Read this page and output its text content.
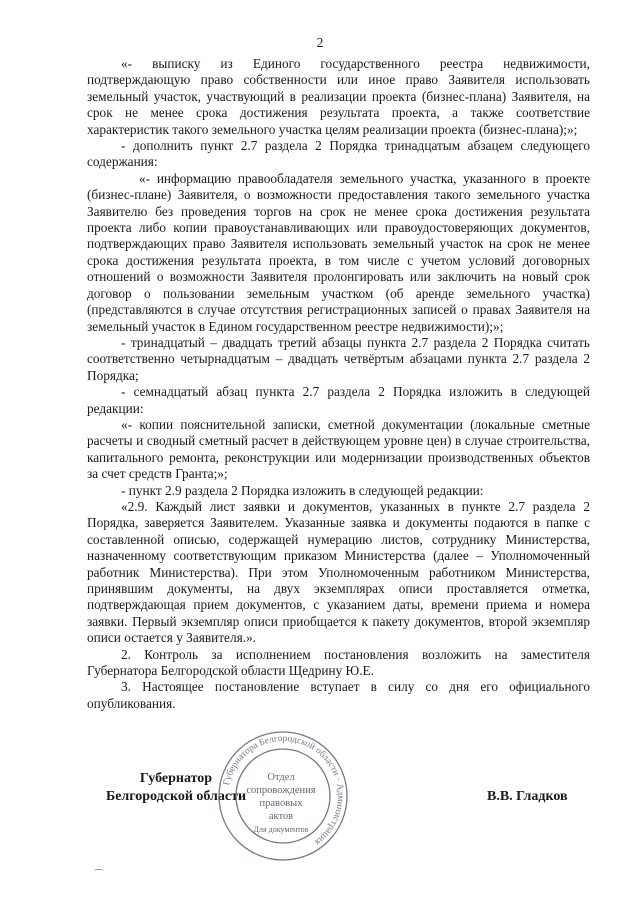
2

«- выписку из Единого государственного реестра недвижимости, подтверждающую право собственности или иное право Заявителя использовать земельный участок, участвующий в реализации проекта (бизнес-плана) Заявителя, на срок не менее срока достижения результата проекта, а также соответствие характеристик такого земельного участка целям реализации проекта (бизнес-плана);»;

- дополнить пункт 2.7 раздела 2 Порядка тринадцатым абзацем следующего содержания:

«- информацию правообладателя земельного участка, указанного в проекте (бизнес-плане) Заявителя, о возможности предоставления такого земельного участка Заявителю без проведения торгов на срок не менее срока достижения результата проекта либо копии правоустанавливающих или правоудостоверяющих документов, подтверждающих право Заявителя использовать земельный участок на срок не менее срока достижения результата проекта, в том числе с учетом условий договорных отношений о возможности Заявителя пролонгировать или заключить на новый срок договор о пользовании земельным участком (об аренде земельного участка) (представляются в случае отсутствия регистрационных записей о правах Заявителя на земельный участок в Едином государственном реестре недвижимости);»;

- тринадцатый – двадцать третий абзацы пункта 2.7 раздела 2 Порядка считать соответственно четырнадцатым – двадцать четвёртым абзацами пункта 2.7 раздела 2 Порядка;

- семнадцатый абзац пункта 2.7 раздела 2 Порядка изложить в следующей редакции:

«- копии пояснительной записки, сметной документации (локальные сметные расчеты и сводный сметный расчет в действующем уровне цен) в случае строительства, капитального ремонта, реконструкции или модернизации производственных объектов за счет средств Гранта;»;

- пункт 2.9 раздела 2 Порядка изложить в следующей редакции:

«2.9. Каждый лист заявки и документов, указанных в пункте 2.7 раздела 2 Порядка, заверяется Заявителем. Указанные заявка и документы подаются в папке с составленной описью, содержащей нумерацию листов, сотруднику Министерства, назначенному соответствующим приказом Министерства (далее – Уполномоченный работник Министерства). При этом Уполномоченным работником Министерства, принявшим документы, на двух экземплярах описи проставляется отметка, подтверждающая прием документов, с указанием даты, времени приема и номера заявки. Первый экземпляр описи приобщается к пакету документов, второй экземпляр описи остается у Заявителя.».

2. Контроль за исполнением постановления возложить на заместителя Губернатора Белгородской области Щедрину Ю.Е.

3. Настоящее постановление вступает в силу со дня его официального опубликования.

Губернатор
Белгородской области	В.В. Гладков
Губернатора Белгородской области · Администрация
Отдел
сопровождения
правовых
актов
Для документов
⌒
